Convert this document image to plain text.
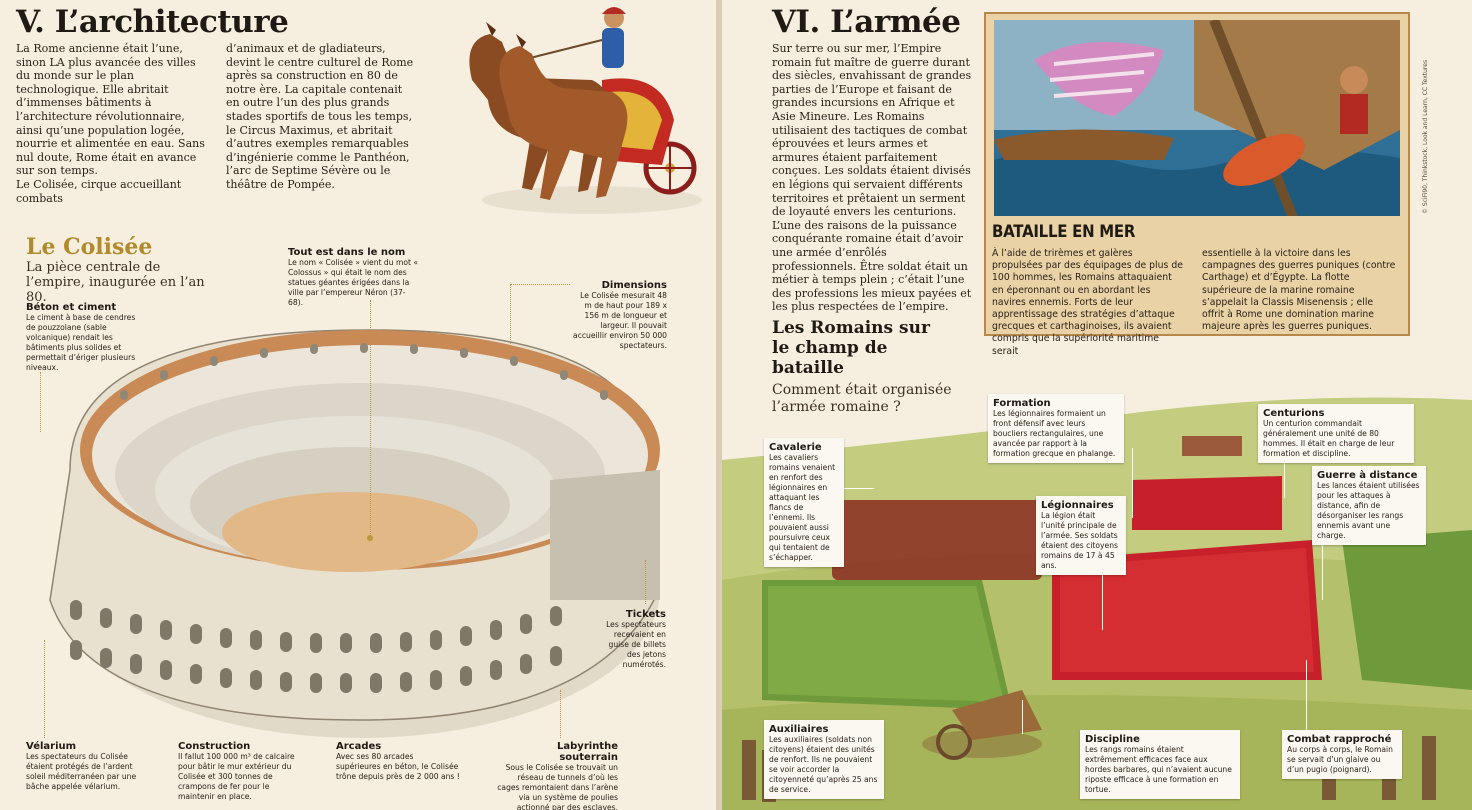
V. L’architecture
La Rome ancienne était l’une, sinon LA plus avancée des villes du monde sur le plan technologique. Elle abritait d’immenses bâtiments à l’architecture révolutionnaire, ainsi qu’une population logée, nourrie et alimentée en eau. Sans nul doute, Rome était en avance sur son temps.
Le Colisée, cirque accueillant combats
d’animaux et de gladiateurs, devint le centre culturel de Rome après sa construction en 80 de notre ère. La capitale contenait en outre l’un des plus grands stades sportifs de tous les temps, le Circus Maximus, et abritait d’autres exemples remarquables d’ingénierie comme le Panthéon, l’arc de Septime Sévère ou le théâtre de Pompée.
Le Colisée
La pièce centrale de l’empire, inaugurée en l’an 80.
Béton et ciment
Le ciment à base de cendres de pouzzolane (sable volcanique) rendait les bâtiments plus solides et permettait d’ériger plusieurs niveaux.
Tout est dans le nom
Le nom « Colisée » vient du mot « Colossus » qui était le nom des statues géantes érigées dans la ville par l’empereur Néron (37-68).
Dimensions
Le Colisée mesurait 48 m de haut pour 189 x 156 m de longueur et largeur. Il pouvait accueillir environ 50 000 spectateurs.
Tickets
Les spectateurs recevaient en guise de billets des jetons numérotés.
Vélarium
Les spectateurs du Colisée étaient protégés de l’ardent soleil méditerranéen par une bâche appelée vélarium.
Construction
Il fallut 100 000 m³ de calcaire pour bâtir le mur extérieur du Colisée et 300 tonnes de crampons de fer pour le maintenir en place.
Arcades
Avec ses 80 arcades supérieures en béton, le Colisée trône depuis près de 2 000 ans !
Labyrinthe souterrain
Sous le Colisée se trouvait un réseau de tunnels d’où les cages remontaient dans l’arène via un système de poulies actionné par des esclaves.
VI. L’armée
Sur terre ou sur mer, l’Empire romain fut maître de guerre durant des siècles, envahissant de grandes parties de l’Europe et faisant de grandes incursions en Afrique et Asie Mineure. Les Romains utilisaient des tactiques de combat éprouvées et leurs armes et armures étaient parfaitement conçues. Les soldats étaient divisés en légions qui servaient différents territoires et prêtaient un serment de loyauté envers les centurions. L’une des raisons de la puissance conquérante romaine était d’avoir une armée d’enrôlés professionnels. Être soldat était un métier à temps plein ; c’était l’une des professions les mieux payées et les plus respectées de l’empire.
BATAILLE EN MER
À l’aide de trirèmes et galères propulsées par des équipages de plus de 100 hommes, les Romains attaquaient en éperonnant ou en abordant les navires ennemis. Forts de leur apprentissage des stratégies d’attaque grecques et carthaginoises, ils avaient compris que la supériorité maritime serait
essentielle à la victoire dans les campagnes des guerres puniques (contre Carthage) et d’Égypte. La flotte supérieure de la marine romaine s’appelait la Classis Misenensis ; elle offrit à Rome une domination marine majeure après les guerres puniques.
© SciFi90, Thinkstock, Look and Learn, CC Textures
Les Romains sur le champ de bataille
Comment était organisée l’armée romaine ?	Formation
Les légionnaires formaient un front défensif avec leurs boucliers rectangulaires, une avancée par rapport à la formation grecque en phalange.
Centurions
Un centurion commandait généralement une unité de 80 hommes. Il était en charge de leur formation et discipline.
Cavalerie
Les cavaliers romains venaient en renfort des légionnaires en attaquant les flancs de l’ennemi. Ils pouvaient aussi poursuivre ceux qui tentaient de s’échapper.
Légionnaires
La légion était l’unité principale de l’armée. Ses soldats étaient des citoyens romains de 17 à 45 ans.
Guerre à distance
Les lances étaient utilisées pour les attaques à distance, afin de désorganiser les rangs ennemis avant une charge.
Auxiliaires
Les auxiliaires (soldats non citoyens) étaient des unités de renfort. Ils ne pouvaient se voir accorder la citoyenneté qu’après 25 ans de service.
Discipline
Les rangs romains étaient extrêmement efficaces face aux hordes barbares, qui n’avaient aucune riposte efficace à une formation en tortue.
Combat rapproché
Au corps à corps, le Romain se servait d’un glaive ou d’un pugio (poignard).
